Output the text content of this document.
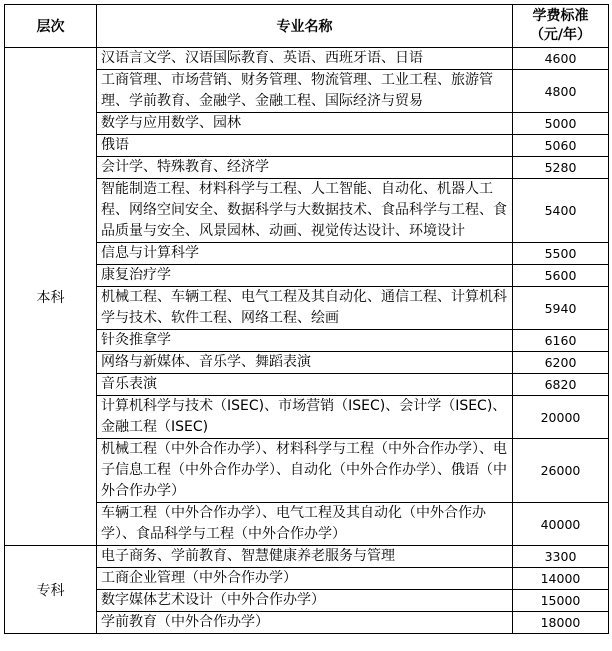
层次	专业名称	学费标准
（元/年）

本科	汉语言文学、汉语国际教育、英语、西班牙语、日语	4600
	工商管理、市场营销、财务管理、物流管理、工业工程、旅游管理、学前教育、金融学、金融工程、国际经济与贸易	4800
	数学与应用数学、园林	5000
	俄语	5060
	会计学、特殊教育、经济学	5280
	智能制造工程、材料科学与工程、人工智能、自动化、机器人工程、网络空间安全、数据科学与大数据技术、食品科学与工程、食品质量与安全、风景园林、动画、视觉传达设计、环境设计	5400
	信息与计算科学	5500
	康复治疗学	5600
	机械工程、车辆工程、电气工程及其自动化、通信工程、计算机科学与技术、软件工程、网络工程、绘画	5940
	针灸推拿学	6160
	网络与新媒体、音乐学、舞蹈表演	6200
	音乐表演	6820
	计算机科学与技术（ISEC)、市场营销（ISEC)、会计学（ISEC)、金融工程（ISEC)	20000
	机械工程（中外合作办学）、材料科学与工程（中外合作办学）、电子信息工程（中外合作办学）、自动化（中外合作办学）、俄语（中外合作办学）	26000
	车辆工程（中外合作办学）、电气工程及其自动化（中外合作办学）、食品科学与工程（中外合作办学）	40000
专科	电子商务、学前教育、智慧健康养老服务与管理	3300
	工商企业管理（中外合作办学）	14000
	数字媒体艺术设计（中外合作办学）	15000
	学前教育（中外合作办学）	18000
